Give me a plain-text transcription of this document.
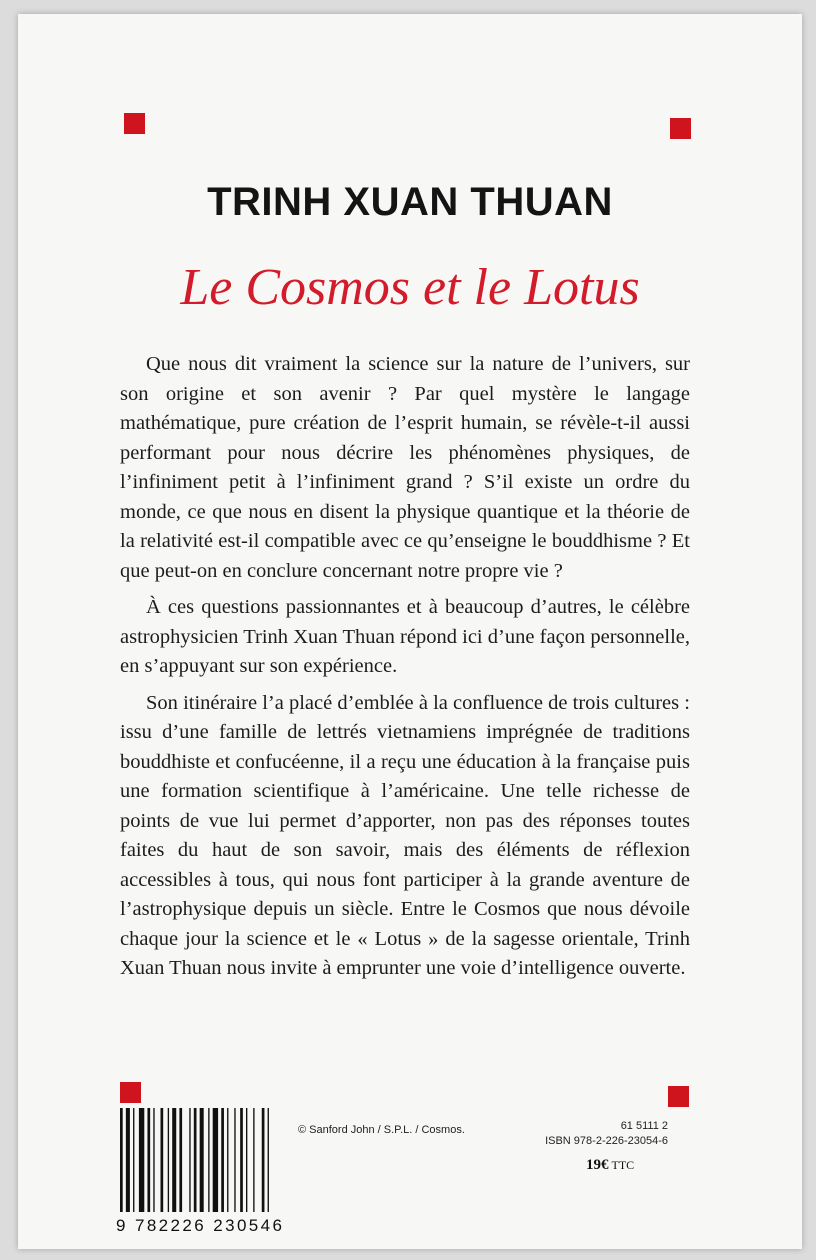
TRINH XUAN THUAN
Le Cosmos et le Lotus

Que nous dit vraiment la science sur la nature de l’univers, sur son origine et son avenir ? Par quel mystère le langage mathématique, pure création de l’esprit humain, se révèle-t-il aussi performant pour nous décrire les phénomènes physiques, de l’infiniment petit à l’infiniment grand ? S’il existe un ordre du monde, ce que nous en disent la physique quantique et la théorie de la relativité est-il compatible avec ce qu’enseigne le bouddhisme ? Et que peut-on en conclure concernant notre propre vie ?

À ces questions passionnantes et à beaucoup d’autres, le célèbre astrophysicien Trinh Xuan Thuan répond ici d’une façon personnelle, en s’appuyant sur son expérience.

Son itinéraire l’a placé d’emblée à la confluence de trois cultures : issu d’une famille de lettrés vietnamiens imprégnée de traditions bouddhiste et confucéenne, il a reçu une éducation à la française puis une formation scientifique à l’américaine. Une telle richesse de points de vue lui permet d’apporter, non pas des réponses toutes faites du haut de son savoir, mais des éléments de réflexion accessibles à tous, qui nous font participer à la grande aventure de l’astrophysique depuis un siècle. Entre le Cosmos que nous dévoile chaque jour la science et le « Lotus » de la sagesse orientale, Trinh Xuan Thuan nous invite à emprunter une voie d’intelligence ouverte.

9 782226 230546
© Sanford John / S.P.L. / Cosmos.	61 5111 2
ISBN 978-2-226-23054-6
19€ TTC
